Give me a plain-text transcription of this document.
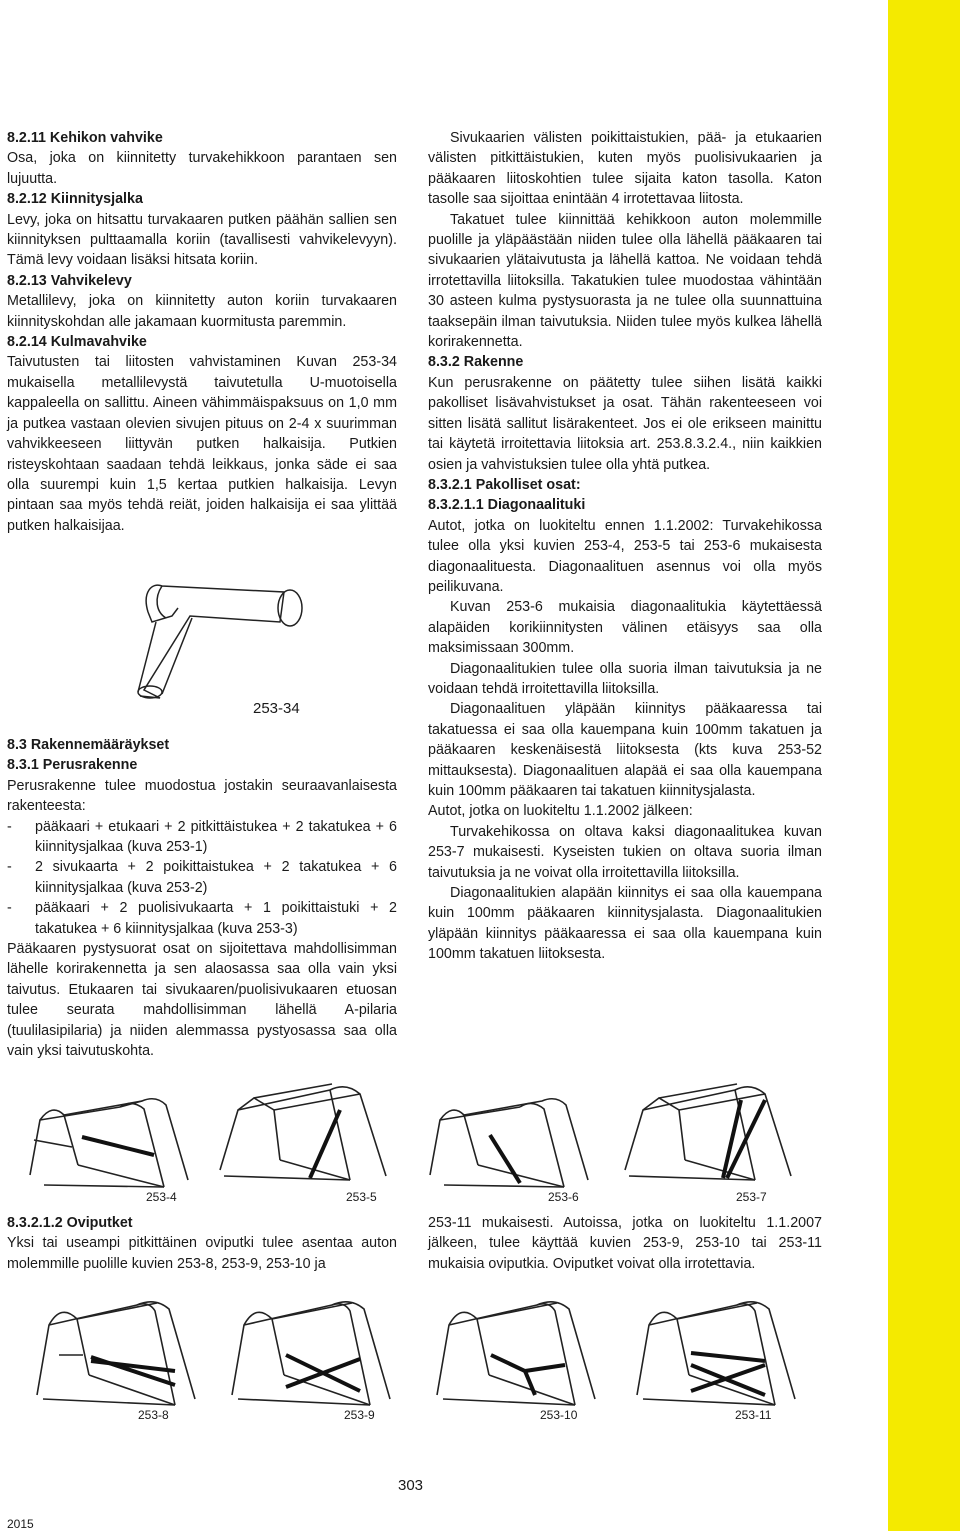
8.2.11 Kehikon vahvike

Osa, joka on kiinnitetty turvakehikkoon parantaen sen lujuutta.

8.2.12 Kiinnitysjalka

Levy, joka on hitsattu turvakaaren putken päähän sallien sen kiinnityksen pulttaamalla koriin (tavallisesti vahvikelevyyn). Tämä levy voidaan lisäksi hitsata koriin.

8.2.13 Vahvikelevy

Metallilevy, joka on kiinnitetty auton koriin turvakaaren kiinnityskohdan alle jakamaan kuormitusta paremmin.

8.2.14 Kulmavahvike

Taivutusten tai liitosten vahvistaminen Kuvan 253-34 mukaisella metallilevystä taivutetulla U-muotoisella kappaleella on sallittu. Aineen vähimmäispaksuus on 1,0 mm ja putkea vastaan olevien sivujen pituus on 2-4 x suurimman vahvikkeeseen liittyvän putken halkaisija. Putkien risteyskohtaan saadaan tehdä leikkaus, jonka säde ei saa olla suurempi kuin 1,5 kertaa putkien halkaisija. Levyn pintaan saa myös tehdä reiät, joiden halkaisija ei saa ylittää putken halkaisijaa.

253-34

8.3 Rakennemääräykset

8.3.1 Perusrakenne

Perusrakenne tulee muodostua jostakin seuraavanlaisesta rakenteesta:

-	pääkaari + etukaari + 2 pitkittäistukea + 2 takatukea + 6 kiinnitysjalkaa (kuva 253-1)
-	2 sivukaarta + 2 poikittaistukea + 2 takatukea + 6 kiinnitysjalkaa (kuva 253-2)
-	pääkaari + 2 puolisivukaarta + 1 poikittaistuki + 2 takatukea + 6 kiinnitysjalkaa (kuva 253-3)

Pääkaaren pystysuorat osat on sijoitettava mahdollisimman lähelle korirakennetta ja sen alaosassa saa olla vain yksi taivutus. Etukaaren tai sivukaaren/puolisivukaaren etuosan tulee seurata mahdollisimman lähellä A-pilaria (tuulilasipilaria) ja niiden alemmassa pystyosassa saa olla vain yksi taivutuskohta.

Sivukaarien välisten poikittaistukien, pää- ja etukaarien välisten pitkittäistukien, kuten myös puolisivukaarien ja pääkaaren liitoskohtien tulee sijaita katon tasolla. Katon tasolle saa sijoittaa enintään 4 irrotettavaa liitosta.

Takatuet tulee kiinnittää kehikkoon auton molemmille puolille ja yläpäästään niiden tulee olla lähellä pääkaaren tai sivukaarien ylätaivutusta ja lähellä kattoa. Ne voidaan tehdä irrotettavilla liitoksilla. Takatukien tulee muodostaa vähintään 30 asteen kulma pystysuorasta ja ne tulee olla suunnattuina taaksepäin ilman taivutuksia. Niiden tulee myös kulkea lähellä korirakennetta.

8.3.2 Rakenne

Kun perusrakenne on päätetty tulee siihen lisätä kaikki pakolliset lisävahvistukset ja osat. Tähän rakenteeseen voi sitten lisätä sallitut lisärakenteet. Jos ei ole erikseen mainittu tai käytetä irroitettavia liitoksia art. 253.8.3.2.4., niin kaikkien osien ja vahvistuksien tulee olla yhtä putkea.

8.3.2.1 Pakolliset osat:

8.3.2.1.1 Diagonaalituki

Autot, jotka on luokiteltu ennen 1.1.2002: Turvakehikossa tulee olla yksi kuvien 253-4, 253-5 tai 253-6 mukaisesta diagonaalituesta. Diagonaalituen asennus voi olla myös peilikuvana.

Kuvan 253-6 mukaisia diagonaalitukia käytettäessä alapäiden korikiinnitysten välinen etäisyys saa olla maksimissaan 300mm.

Diagonaalitukien tulee olla suoria ilman taivutuksia ja ne voidaan tehdä irroitettavilla liitoksilla.

Diagonaalituen yläpään kiinnitys pääkaaressa tai takatuessa ei saa olla kauempana kuin 100mm takatuen ja pääkaaren keskenäisestä liitoksesta (kts kuva 253-52 mittauksesta). Diagonaalituen alapää ei saa olla kauempana kuin 100mm pääkaaren tai takatuen kiinnitysjalasta.

Autot, jotka on luokiteltu 1.1.2002 jälkeen:

Turvakehikossa on oltava kaksi diagonaalitukea kuvan 253-7 mukaisesti. Kyseisten tukien on oltava suoria ilman taivutuksia ja ne voivat olla irroitettavilla liitoksilla.

Diagonaalitukien alapään kiinnitys ei saa olla kauempana kuin 100mm pääkaaren kiinnitysjalasta. Diagonaalitukien yläpään kiinnitys pääkaaressa ei saa olla kauempana kuin 100mm takatuen liitoksesta.

253-4	253-5	253-6	253-7

8.3.2.1.2 Oviputket

Yksi tai useampi pitkittäinen oviputki tulee asentaa auton molemmille puolille kuvien 253-8, 253-9, 253-10 ja

253-11 mukaisesti. Autoissa, jotka on luokiteltu 1.1.2007 jälkeen, tulee käyttää kuvien 253-9, 253-10 tai 253-11 mukaisia oviputkia. Oviputket voivat olla irrotettavia.

253-8	253-9	253-10	253-11
303
2015
